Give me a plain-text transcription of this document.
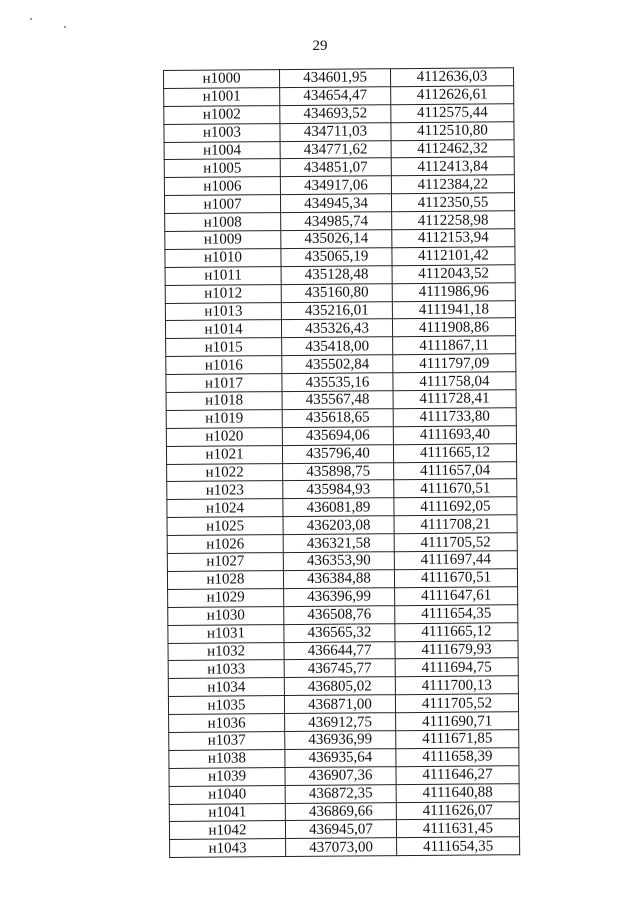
29
н1000	434601,95	4112636,03
н1001	434654,47	4112626,61
н1002	434693,52	4112575,44
н1003	434711,03	4112510,80
н1004	434771,62	4112462,32
н1005	434851,07	4112413,84
н1006	434917,06	4112384,22
н1007	434945,34	4112350,55
н1008	434985,74	4112258,98
н1009	435026,14	4112153,94
н1010	435065,19	4112101,42
н1011	435128,48	4112043,52
н1012	435160,80	4111986,96
н1013	435216,01	4111941,18
н1014	435326,43	4111908,86
н1015	435418,00	4111867,11
н1016	435502,84	4111797,09
н1017	435535,16	4111758,04
н1018	435567,48	4111728,41
н1019	435618,65	4111733,80
н1020	435694,06	4111693,40
н1021	435796,40	4111665,12
н1022	435898,75	4111657,04
н1023	435984,93	4111670,51
н1024	436081,89	4111692,05
н1025	436203,08	4111708,21
н1026	436321,58	4111705,52
н1027	436353,90	4111697,44
н1028	436384,88	4111670,51
н1029	436396,99	4111647,61
н1030	436508,76	4111654,35
н1031	436565,32	4111665,12
н1032	436644,77	4111679,93
н1033	436745,77	4111694,75
н1034	436805,02	4111700,13
н1035	436871,00	4111705,52
н1036	436912,75	4111690,71
н1037	436936,99	4111671,85
н1038	436935,64	4111658,39
н1039	436907,36	4111646,27
н1040	436872,35	4111640,88
н1041	436869,66	4111626,07
н1042	436945,07	4111631,45
н1043	437073,00	4111654,35
